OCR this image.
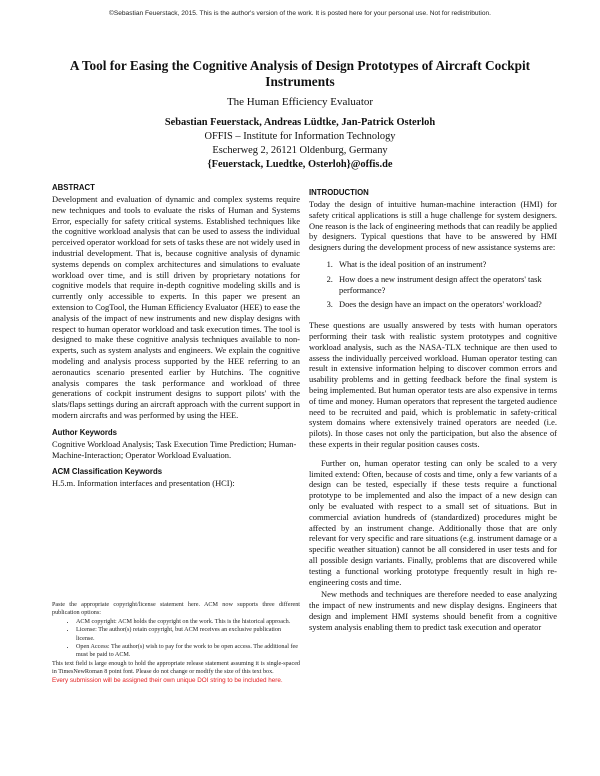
©Sebastian Feuerstack, 2015. This is the author's version of the work. It is posted here for your personal use. Not for redistribution.
A Tool for Easing the Cognitive Analysis of Design Prototypes of Aircraft Cockpit Instruments
The Human Efficiency Evaluator
Sebastian Feuerstack, Andreas Lüdtke, Jan-Patrick Osterloh
OFFIS – Institute for Information Technology
Escherweg 2, 26121 Oldenburg, Germany
{Feuerstack, Luedtke, Osterloh}@offis.de
ABSTRACT

Development and evaluation of dynamic and complex systems require new techniques and tools to evaluate the risks of Human and Systems Error, especially for safety critical systems. Established techniques like the cognitive workload analysis that can be used to assess the individual perceived operator workload for sets of tasks these are not widely used in industrial development. That is, because cognitive analysis of dynamic systems depends on complex architectures and simulations to evaluate workload over time, and is still driven by proprietary notations for cognitive models that require in-depth cognitive modeling skills and is currently only accessible to experts. In this paper we present an extension to CogTool, the Human Efficiency Evaluator (HEE) to ease the analysis of the impact of new instruments and new display designs with respect to human operator workload and task execution times. The tool is designed to make these cognitive analysis techniques available to non-experts, such as system analysts and engineers. We explain the cognitive modeling and analysis process supported by the HEE referring to an aeronautics scenario presented earlier by Hutchins. The cognitive analysis compares the task performance and workload of three generations of cockpit instrument designs to support pilots' with the slats/flaps settings during an aircraft approach with the current support in modern aircrafts and was performed by using the HEE.

Author Keywords

Cognitive Workload Analysis; Task Execution Time Prediction; Human-Machine-Interaction; Operator Workload Evaluation.

ACM Classification Keywords

H.5.m. Information interfaces and presentation (HCI):

Paste the appropriate copyright/license statement here. ACM now supports three different publication options:

• ACM copyright: ACM holds the copyright on the work. This is the historical approach.
• License: The author(s) retain copyright, but ACM receives an exclusive publication license.
• Open Access: The author(s) wish to pay for the work to be open access. The additional fee must be paid to ACM.

This text field is large enough to hold the appropriate release statement assuming it is single-spaced in TimesNewRoman 8 point font. Please do not change or modify the size of this text box.

Every submission will be assigned their own unique DOI string to be included here.

INTRODUCTION

Today the design of intuitive human-machine interaction (HMI) for safety critical applications is still a huge challenge for system designers. One reason is the lack of engineering methods that can readily be applied by designers. Typical questions that have to be answered by HMI designers during the development process of new assistance systems are:

1. What is the ideal position of an instrument?
2. How does a new instrument design affect the operators' task performance?
3. Does the design have an impact on the operators' workload?

These questions are usually answered by tests with human operators performing their task with realistic system prototypes and cognitive workload analysis, such as the NASA-TLX technique are then used to assess the individually perceived workload. Human operator testing can result in extensive information helping to discover common errors and usability problems and in getting feedback before the final system is being implemented. But human operator tests are also expensive in terms of time and money. Human operators that represent the targeted audience need to be recruited and paid, which is problematic in safety-critical system domains where extensively trained operators are needed (i.e. pilots). In those cases not only the participation, but also the absence of these experts in their regular position causes costs.

Further on, human operator testing can only be scaled to a very limited extend: Often, because of costs and time, only a few variants of a design can be tested, especially if these tests require a functional prototype to be implemented and also the impact of a new design can only be evaluated with respect to a small set of situations. But in commercial aviation hundreds of (standardized) procedures might be affected by an instrument change. Additionally those that are only relevant for very specific and rare situations (e.g. instrument damage or a specific weather situation) cannot be all considered in user tests and for all possible design variants. Finally, problems that are discovered while testing a functional working prototype frequently result in high re-engineering costs and time.

New methods and techniques are therefore needed to ease analyzing the impact of new instruments and new display designs. Engineers that design and implement HMI systems should benefit from a cognitive system analysis enabling them to predict task execution and operator
